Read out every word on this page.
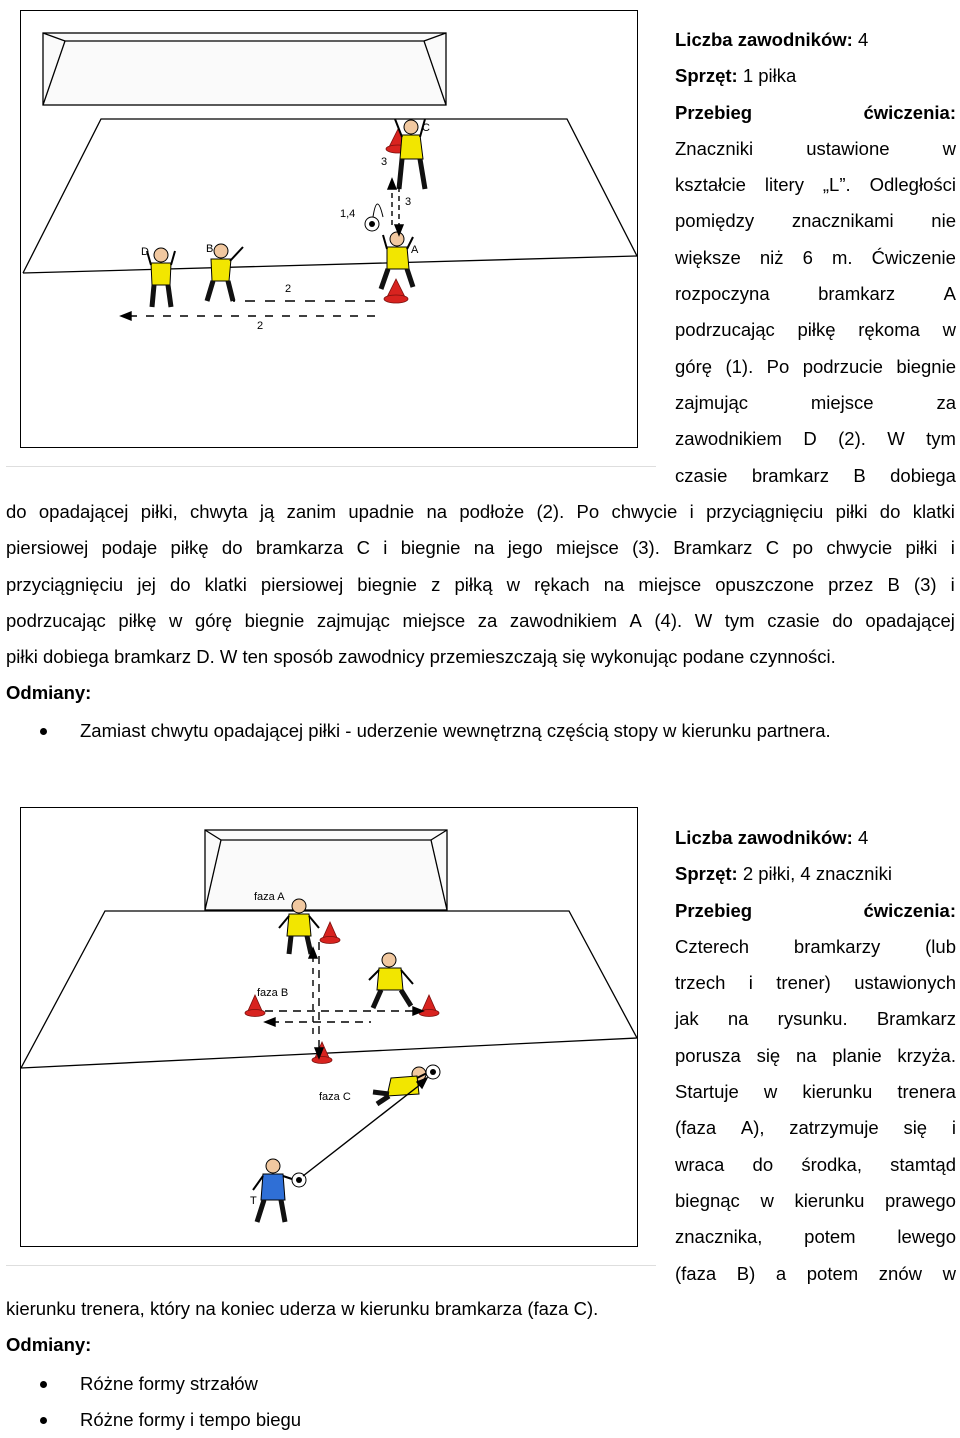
C
A
B
D
3
3
1,4
2
2
Liczba zawodników: 4
Sprzęt: 1 piłka
Przebieg	ćwiczenia:
Znaczniki	ustawione	w
kształcie litery „L”. Odległości
pomiędzy znacznikami nie
większe niż 6 m. Ćwiczenie
rozpoczyna	bramkarz	A
podrzucając piłkę rękoma w
górę (1). Po podrzucie biegnie
zajmując	miejsce	za
zawodnikiem D (2). W tym
czasie bramkarz B dobiega
do opadającej piłki, chwyta ją zanim upadnie na podłoże (2). Po chwycie i przyciągnięciu piłki do klatki
piersiowej podaje piłkę do bramkarza C i biegnie na jego miejsce (3). Bramkarz C po chwycie piłki i
przyciągnięciu jej do klatki piersiowej biegnie z piłką w rękach na miejsce opuszczone przez B (3) i
podrzucając piłkę w górę biegnie zajmując miejsce za zawodnikiem A (4). W tym czasie do opadającej
piłki dobiega bramkarz D. W ten sposób zawodnicy przemieszczają się wykonując podane czynności.
Odmiany:
Zamiast chwytu opadającej piłki - uderzenie wewnętrzną częścią stopy w kierunku partnera.
faza A
faza B
faza C
T
Liczba zawodników: 4
Sprzęt: 2 piłki, 4 znaczniki
Przebieg	ćwiczenia:
Czterech bramkarzy (lub
trzech i trener) ustawionych
jak na rysunku. Bramkarz
porusza się na planie krzyża.
Startuje w kierunku trenera
(faza A), zatrzymuje się i
wraca do środka, stamtąd
biegnąc w kierunku prawego
znacznika, potem lewego
(faza B) a potem znów w
kierunku trenera, który na koniec uderza w kierunku bramkarza (faza C).
Odmiany:
Różne formy strzałów
Różne formy i tempo biegu
